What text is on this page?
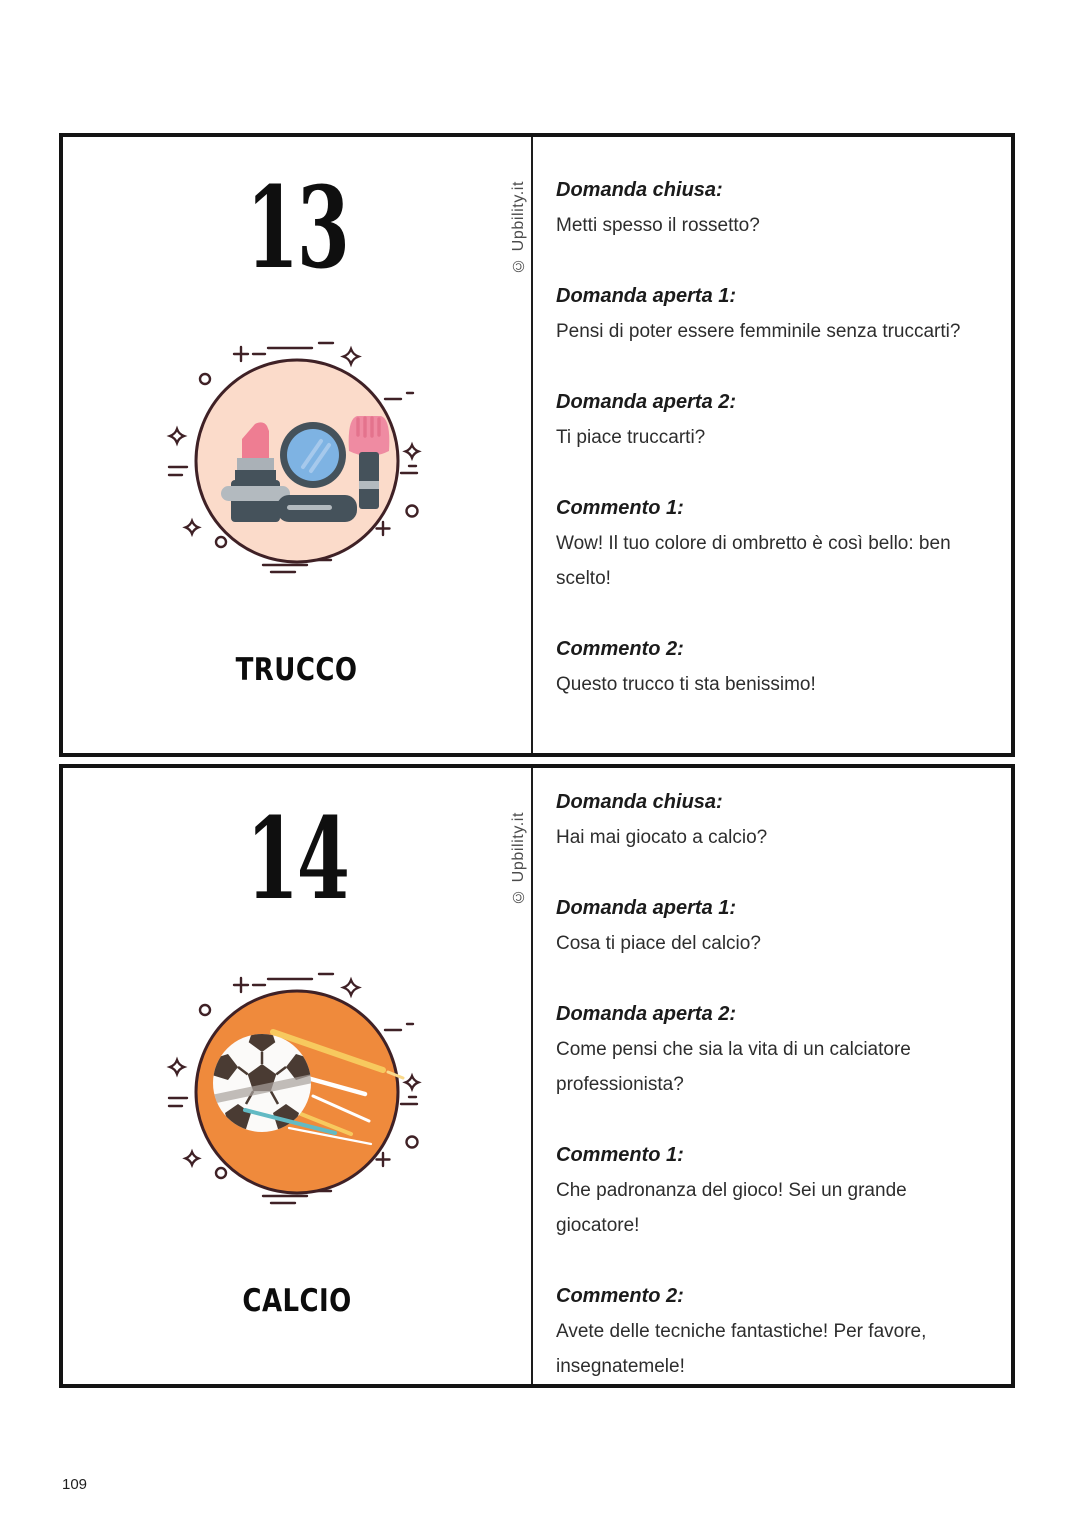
13
TRUCCO
© Upbility.it Domanda chiusa:

Metti spesso il rossetto?

Domanda aperta 1:

Pensi di poter essere femminile senza truccarti?

Domanda aperta 2:

Ti piace truccarti?

Commento 1:

Wow! Il tuo colore di ombretto è così bello: ben scelto!

Commento 2:

Questo trucco ti sta benissimo!

14
CALCIO
© Upbility.it

Domanda chiusa:

Hai mai giocato a calcio?

Domanda aperta 1:

Cosa ti piace del calcio?

Domanda aperta 2:

Come pensi che sia la vita di un calciatore professionista?

Commento 1:

Che padronanza del gioco! Sei un grande giocatore!

Commento 2:

Avete delle tecniche fantastiche! Per favore, insegnatemele!

109
